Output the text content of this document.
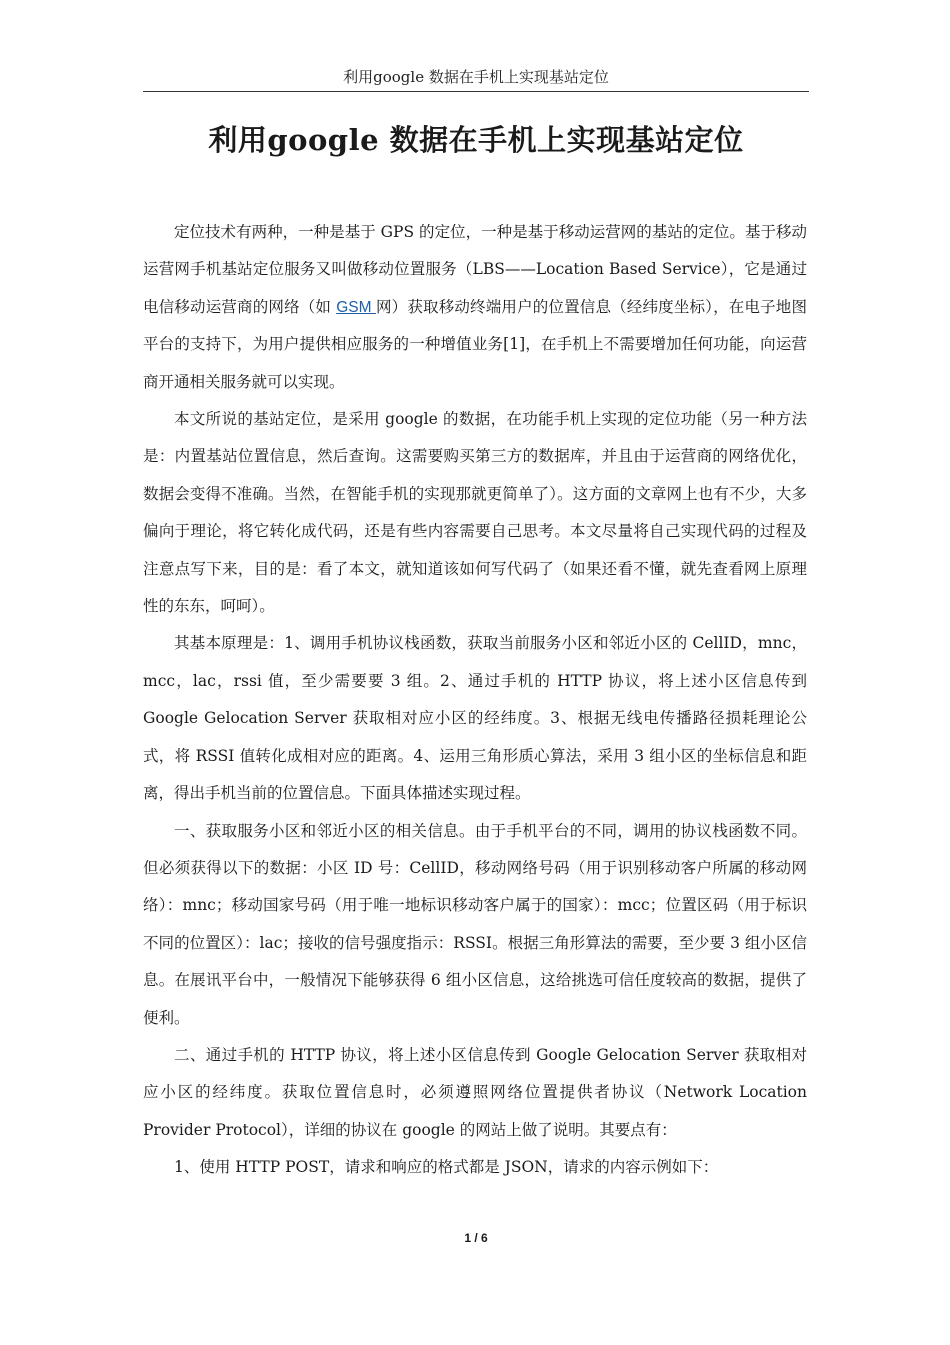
利用google 数据在手机上实现基站定位
利用google 数据在手机上实现基站定位

定位技术有两种，一种是基于 GPS 的定位，一种是基于移动运营网的基站的定位。基于移动运营网手机基站定位服务又叫做移动位置服务（LBS——Location Based Service），它是通过电信移动运营商的网络（如 GSM 网）获取移动终端用户的位置信息（经纬度坐标），在电子地图平台的支持下，为用户提供相应服务的一种增值业务[1]，在手机上不需要增加任何功能，向运营商开通相关服务就可以实现。

本文所说的基站定位，是采用 google 的数据，在功能手机上实现的定位功能（另一种方法是：内置基站位置信息，然后查询。这需要购买第三方的数据库，并且由于运营商的网络优化，数据会变得不准确。当然，在智能手机的实现那就更简单了）。这方面的文章网上也有不少，大多偏向于理论，将它转化成代码，还是有些内容需要自己思考。本文尽量将自己实现代码的过程及注意点写下来，目的是：看了本文，就知道该如何写代码了（如果还看不懂，就先查看网上原理性的东东，呵呵）。

其基本原理是：1、调用手机协议栈函数，获取当前服务小区和邻近小区的 CellID，mnc，mcc，lac，rssi 值，至少需要要 3 组。2、通过手机的 HTTP 协议，将上述小区信息传到 Google Gelocation Server 获取相对应小区的经纬度。3、根据无线电传播路径损耗理论公式，将 RSSI 值转化成相对应的距离。4、运用三角形质心算法，采用 3 组小区的坐标信息和距离，得出手机当前的位置信息。下面具体描述实现过程。

一、获取服务小区和邻近小区的相关信息。由于手机平台的不同，调用的协议栈函数不同。但必须获得以下的数据：小区 ID 号：CellID，移动网络号码（用于识别移动客户所属的移动网络）：mnc；移动国家号码（用于唯一地标识移动客户属于的国家）：mcc；位置区码（用于标识不同的位置区）：lac；接收的信号强度指示：RSSI。根据三角形算法的需要，至少要 3 组小区信息。在展讯平台中，一般情况下能够获得 6 组小区信息，这给挑选可信任度较高的数据，提供了便利。

二、通过手机的 HTTP 协议，将上述小区信息传到 Google Gelocation Server 获取相对应小区的经纬度。获取位置信息时，必须遵照网络位置提供者协议（Network Location Provider Protocol），详细的协议在 google 的网站上做了说明。其要点有：

1、使用 HTTP POST，请求和响应的格式都是 JSON，请求的内容示例如下：

1 / 6
